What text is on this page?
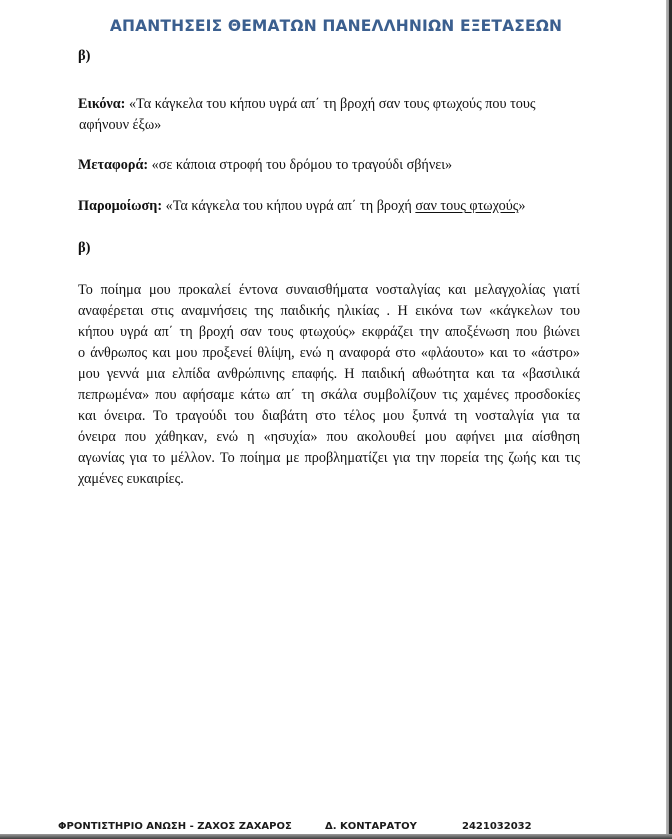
ΑΠΑΝΤΗΣΕΙΣ ΘΕΜΑΤΩΝ ΠΑΝΕΛΛΗΝΙΩΝ ΕΞΕΤΑΣΕΩΝ

β)

Εικόνα: «Τα κάγκελα του κήπου υγρά απ΄ τη βροχή σαν τους φτωχούς που τους
αφήνουν έξω»

Μεταφορά: «σε κάποια στροφή του δρόμου το τραγούδι σβήνει»

Παρομοίωση: «Τα κάγκελα του κήπου υγρά απ΄ τη βροχή σαν τους φτωχούς»

β)

Το ποίημα μου προκαλεί έντονα συναισθήματα νοσταλγίας και μελαγχολίας γιατί
αναφέρεται στις αναμνήσεις της παιδικής ηλικίας . Η εικόνα των «κάγκελων του
κήπου υγρά απ΄ τη βροχή σαν τους φτωχούς» εκφράζει την αποξένωση που βιώνει
ο άνθρωπος και μου προξενεί θλίψη, ενώ η αναφορά στο «φλάουτο» και το «άστρο»
μου γεννά μια ελπίδα ανθρώπινης επαφής. Η παιδική αθωότητα και τα «βασιλικά
πεπρωμένα» που αφήσαμε κάτω απ΄ τη σκάλα συμβολίζουν τις χαμένες προσδοκίες
και όνειρα. Το τραγούδι του διαβάτη στο τέλος μου ξυπνά τη νοσταλγία για τα
όνειρα που χάθηκαν, ενώ η «ησυχία» που ακολουθεί μου αφήνει μια αίσθηση
αγωνίας για το μέλλον. Το ποίημα με προβληματίζει για την πορεία της ζωής και τις
χαμένες ευκαιρίες.

ΦΡΟΝΤΙΣΤΗΡΙΟ ΑΝΩΣΗ - ΖΑΧΟΣ ΖΑΧΑΡΟΣ	Δ. ΚΟΝΤΑΡΑΤΟΥ	2421032032
